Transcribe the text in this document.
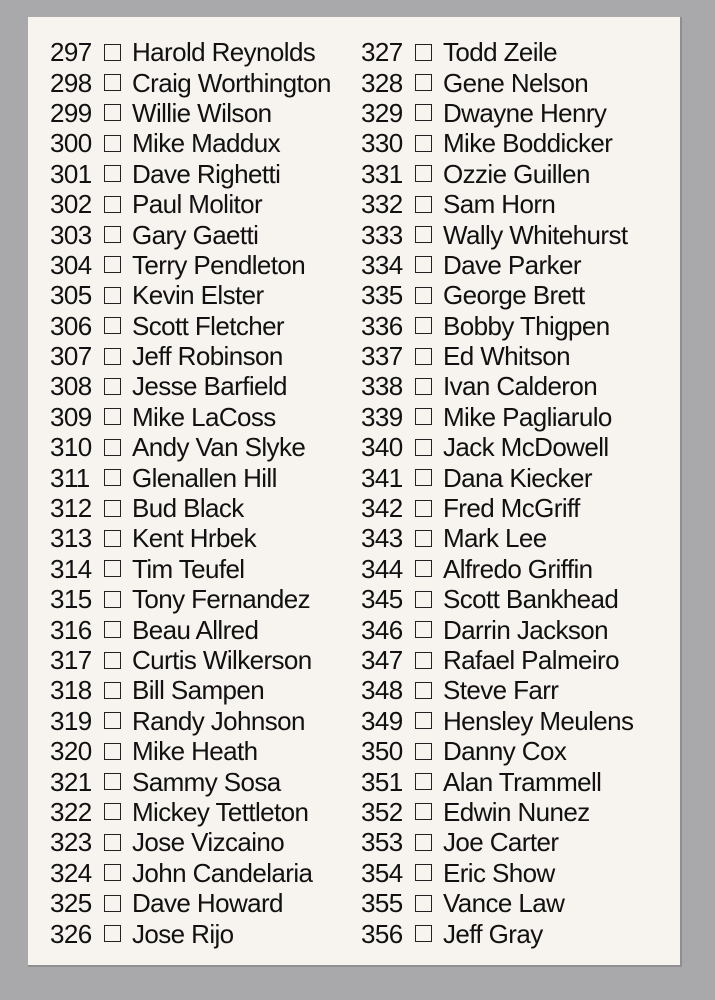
297 Harold Reynolds
298 Craig Worthington
299 Willie Wilson
300 Mike Maddux
301 Dave Righetti
302 Paul Molitor
303 Gary Gaetti
304 Terry Pendleton
305 Kevin Elster
306 Scott Fletcher
307 Jeff Robinson
308 Jesse Barfield
309 Mike LaCoss
310 Andy Van Slyke
311 Glenallen Hill
312 Bud Black
313 Kent Hrbek
314 Tim Teufel
315 Tony Fernandez
316 Beau Allred
317 Curtis Wilkerson
318 Bill Sampen
319 Randy Johnson
320 Mike Heath
321 Sammy Sosa
322 Mickey Tettleton
323 Jose Vizcaino
324 John Candelaria
325 Dave Howard
326 Jose Rijo
327 Todd Zeile
328 Gene Nelson
329 Dwayne Henry
330 Mike Boddicker
331 Ozzie Guillen
332 Sam Horn
333 Wally Whitehurst
334 Dave Parker
335 George Brett
336 Bobby Thigpen
337 Ed Whitson
338 Ivan Calderon
339 Mike Pagliarulo
340 Jack McDowell
341 Dana Kiecker
342 Fred McGriff
343 Mark Lee
344 Alfredo Griffin
345 Scott Bankhead
346 Darrin Jackson
347 Rafael Palmeiro
348 Steve Farr
349 Hensley Meulens
350 Danny Cox
351 Alan Trammell
352 Edwin Nunez
353 Joe Carter
354 Eric Show
355 Vance Law
356 Jeff Gray
